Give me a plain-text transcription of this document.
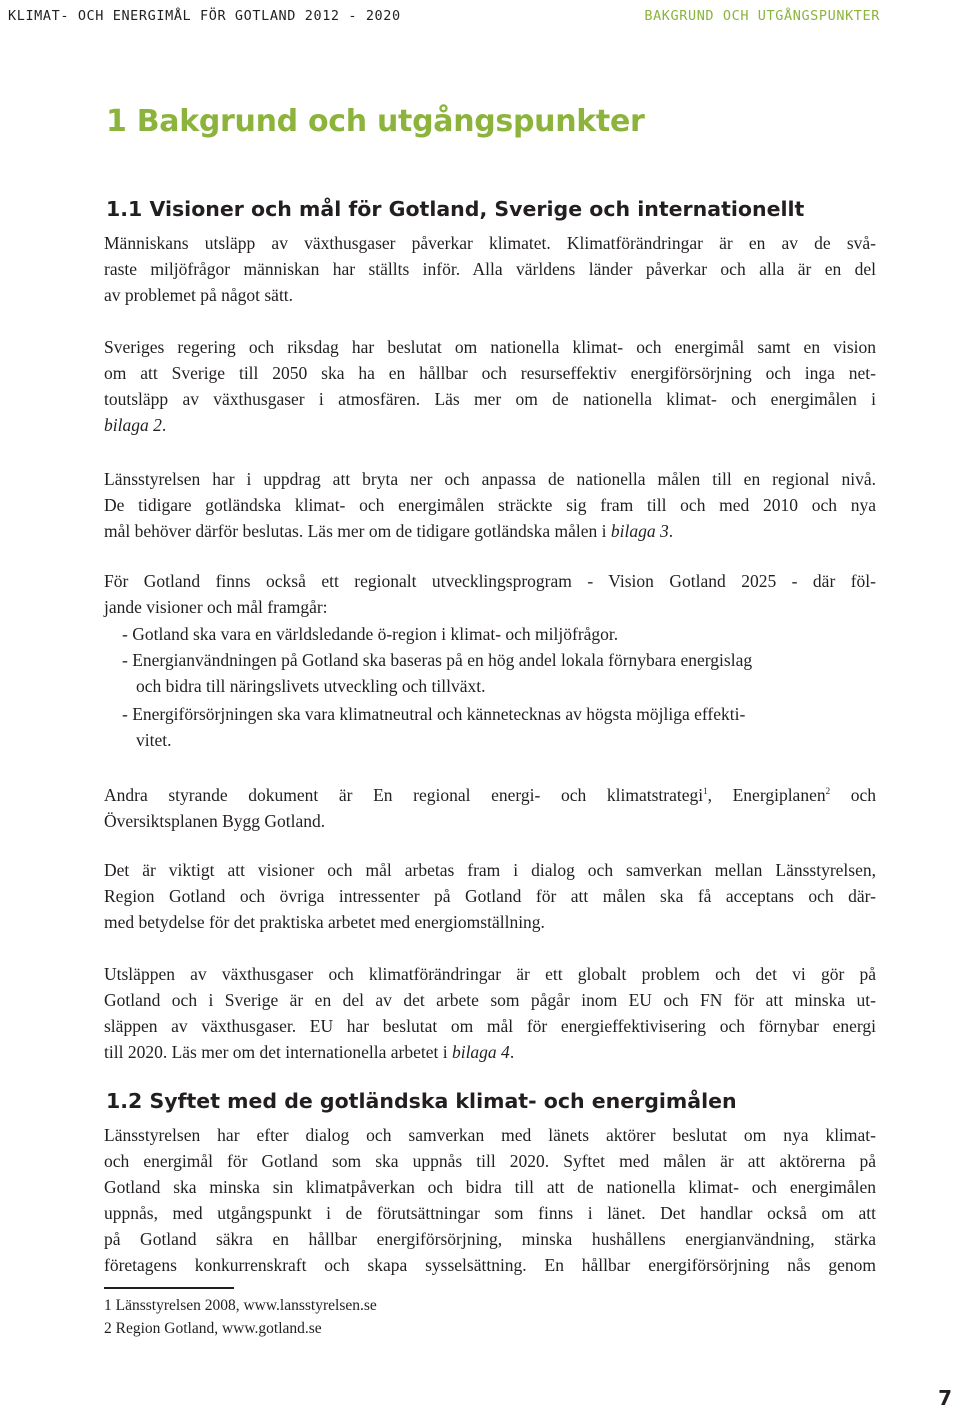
KLIMAT- OCH ENERGIMÅL FÖR GOTLAND 2012 - 2020	BAKGRUND OCH UTGÅNGSPUNKTER
1 Bakgrund och utgångspunkter
1.1 Visioner och mål för Gotland, Sverige och internationellt

Människans utsläpp av växthusgaser påverkar klimatet. Klimatförändringar är en av de svå-
raste miljöfrågor människan har ställts inför. Alla världens länder påverkar och alla är en del
av problemet på något sätt.

Sveriges regering och riksdag har beslutat om nationella klimat- och energimål samt en vision
om att Sverige till 2050 ska ha en hållbar och resurseffektiv energiförsörjning och inga net-
toutsläpp av växthusgaser i atmosfären. Läs mer om de nationella klimat- och energimålen i
bilaga 2.

Länsstyrelsen har i uppdrag att bryta ner och anpassa de nationella målen till en regional nivå.
De tidigare gotländska klimat- och energimålen sträckte sig fram till och med 2010 och nya
mål behöver därför beslutas. Läs mer om de tidigare gotländska målen i bilaga 3.

För Gotland finns också ett regionalt utvecklingsprogram - Vision Gotland 2025 - där föl-
jande visioner och mål framgår:

- Gotland ska vara en världsledande ö-region i klimat- och miljöfrågor.

- Energianvändningen på Gotland ska baseras på en hög andel lokala förnybara energislag

och bidra till näringslivets utveckling och tillväxt.

- Energiförsörjningen ska vara klimatneutral och kännetecknas av högsta möjliga effekti-

vitet.

Andra styrande dokument är En regional energi- och klimatstrategi$^1$, Energiplanen$^2$ och
Översiktsplanen Bygg Gotland.

Det är viktigt att visioner och mål arbetas fram i dialog och samverkan mellan Länsstyrelsen,
Region Gotland och övriga intressenter på Gotland för att målen ska få acceptans och där-
med betydelse för det praktiska arbetet med energiomställning.

Utsläppen av växthusgaser och klimatförändringar är ett globalt problem och det vi gör på
Gotland och i Sverige är en del av det arbete som pågår inom EU och FN för att minska ut-
släppen av växthusgaser. EU har beslutat om mål för energieffektivisering och förnybar energi
till 2020. Läs mer om det internationella arbetet i bilaga 4.

1.2 Syftet med de gotländska klimat- och energimålen

Länsstyrelsen har efter dialog och samverkan med länets aktörer beslutat om nya klimat-
och energimål för Gotland som ska uppnås till 2020. Syftet med målen är att aktörerna på
Gotland ska minska sin klimatpåverkan och bidra till att de nationella klimat- och energimålen
uppnås, med utgångspunkt i de förutsättningar som finns i länet. Det handlar också om att
på Gotland säkra en hållbar energiförsörjning, minska hushållens energianvändning, stärka
företagens konkurrenskraft och skapa sysselsättning. En hållbar energiförsörjning nås genom

1 Länsstyrelsen 2008, www.lansstyrelsen.se

2 Region Gotland, www.gotland.se

7
